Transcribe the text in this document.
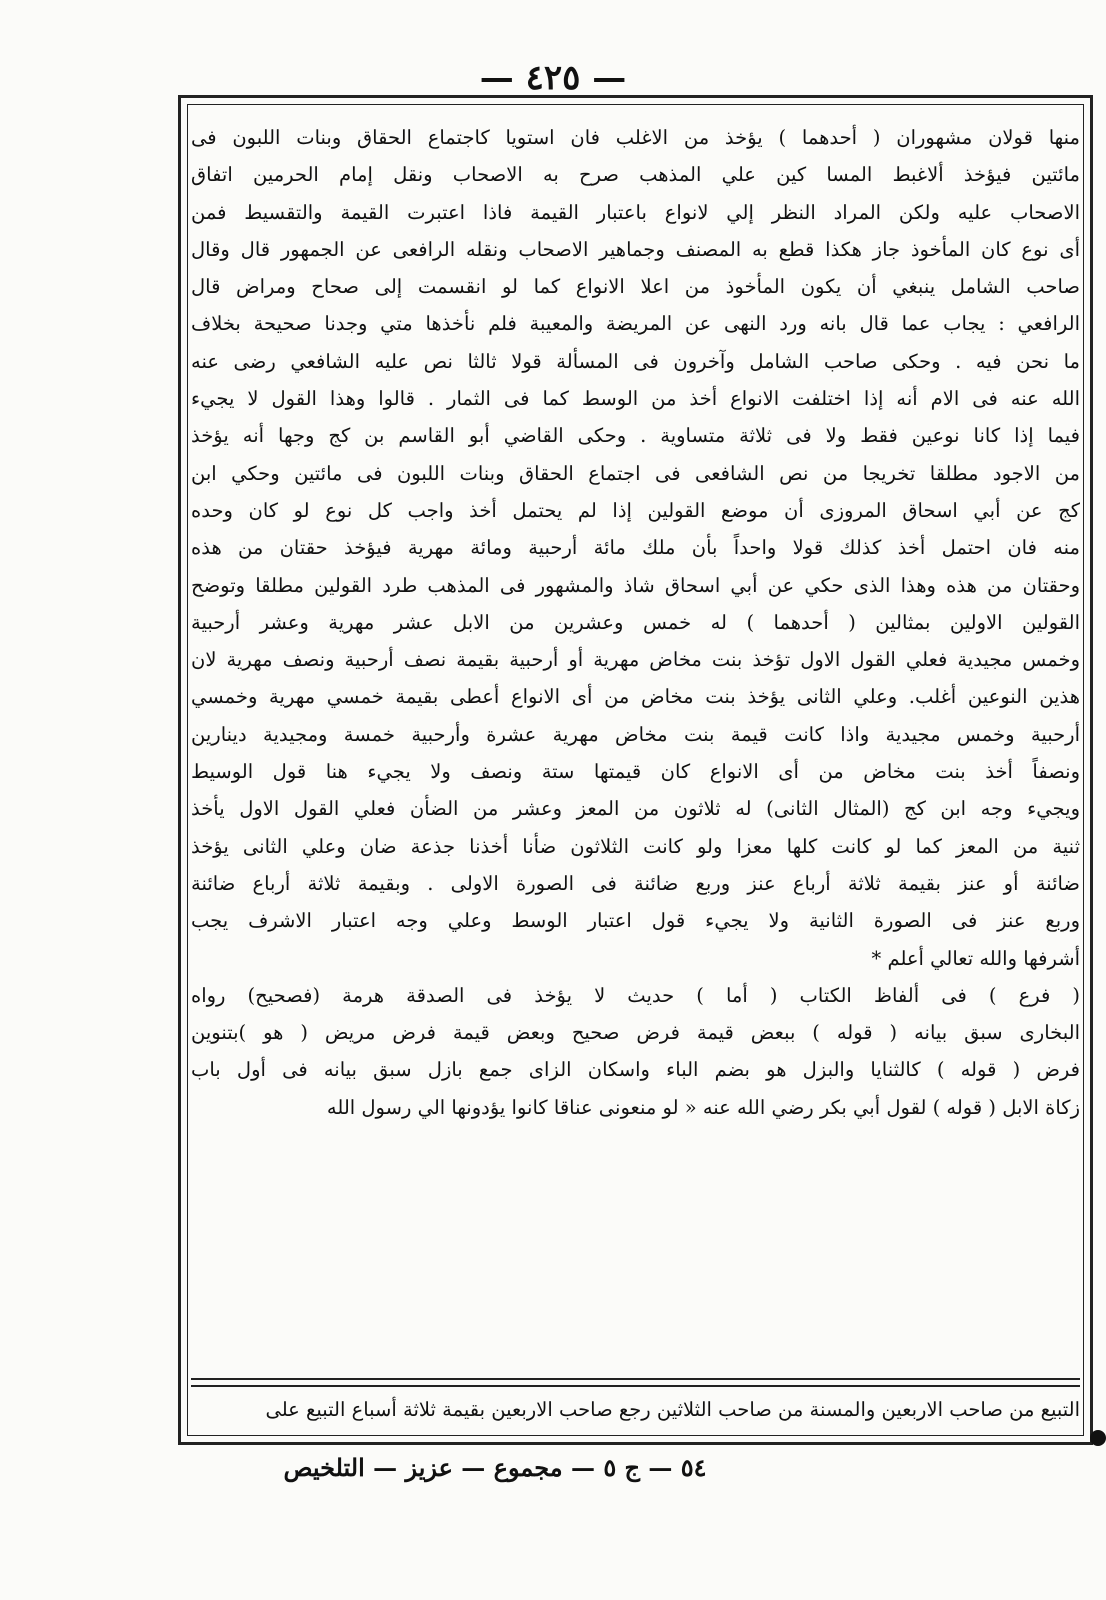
— ٤٢٥ —
منها قولان مشهوران ( أحدهما ) يؤخذ من الاغلب فان استويا كاجتماع الحقاق وبنات اللبون فى
مائتين فيؤخذ ألاغبط المسا كين علي المذهب صرح به الاصحاب ونقل إمام الحرمين اتفاق
الاصحاب عليه ولكن المراد النظر إلي لانواع باعتبار القيمة فاذا اعتبرت القيمة والتقسيط فمن
أى نوع كان المأخوذ جاز هكذا قطع به المصنف وجماهير الاصحاب ونقله الرافعى عن الجمهور قال وقال
صاحب الشامل ينبغي أن يكون المأخوذ من اعلا الانواع كما لو انقسمت إلى صحاح ومراض قال
الرافعي : يجاب عما قال بانه ورد النهى عن المريضة والمعيبة فلم نأخذها متي وجدنا صحيحة بخلاف
ما نحن فيه . وحكى صاحب الشامل وآخرون فى المسألة قولا ثالثا نص عليه الشافعي رضى عنه
الله عنه فى الام أنه إذا اختلفت الانواع أخذ من الوسط كما فى الثمار . قالوا وهذا القول لا يجيء
فيما إذا كانا نوعين فقط ولا فى ثلاثة متساوية . وحكى القاضي أبو القاسم بن كج وجها أنه يؤخذ
من الاجود مطلقا تخريجا من نص الشافعى فى اجتماع الحقاق وبنات اللبون فى مائتين وحكي ابن
كج عن أبي اسحاق المروزى أن موضع القولين إذا لم يحتمل أخذ واجب كل نوع لو كان وحده
منه فان احتمل أخذ كذلك قولا واحداً بأن ملك مائة أرحبية ومائة مهرية فيؤخذ حقتان من هذه
وحقتان من هذه وهذا الذى حكي عن أبي اسحاق شاذ والمشهور فى المذهب طرد القولين مطلقا وتوضح
القولين الاولين بمثالين ( أحدهما ) له خمس وعشرين من الابل عشر مهرية وعشر أرحبية
وخمس مجيدية فعلي القول الاول تؤخذ بنت مخاض مهرية أو أرحبية بقيمة نصف أرحبية ونصف مهرية لان
هذين النوعين أغلب. وعلي الثانى يؤخذ بنت مخاض من أى الانواع أعطى بقيمة خمسي مهرية وخمسي
أرحبية وخمس مجيدية واذا كانت قيمة بنت مخاض مهرية عشرة وأرحبية خمسة ومجيدية دينارين
ونصفاً أخذ بنت مخاض من أى الانواع كان قيمتها ستة ونصف ولا يجيء هنا قول الوسيط
ويجيء وجه ابن كج (المثال الثانى) له ثلاثون من المعز وعشر من الضأن فعلي القول الاول يأخذ
ثنية من المعز كما لو كانت كلها معزا ولو كانت الثلاثون ضأنا أخذنا جذعة ضان وعلي الثانى يؤخذ
ضائنة أو عنز بقيمة ثلاثة أرباع عنز وربع ضائنة فى الصورة الاولى . وبقيمة ثلاثة أرباع ضائنة
وربع عنز فى الصورة الثانية ولا يجيء قول اعتبار الوسط وعلي وجه اعتبار الاشرف يجب
أشرفها والله تعالي أعلم *
( فرع ) فى ألفاظ الكتاب ( أما ) حديث لا يؤخذ فى الصدقة هرمة (فصحيح) رواه
البخارى سبق بيانه ( قوله ) ببعض قيمة فرض صحيح وبعض قيمة فرض مريض ( هو )بتنوين
فرض ( قوله ) كالثنايا والبزل هو بضم الباء واسكان الزاى جمع بازل سبق بيانه فى أول باب
زكاة الابل ( قوله ) لقول أبي بكر رضي الله عنه « لو منعونى عناقا كانوا يؤدونها الي رسول الله
التبيع من صاحب الاربعين والمسنة من صاحب الثلاثين رجع صاحب الاربعين بقيمة ثلاثة أسباع التبيع على
٥٤ — ج ٥ — مجموع — عزيز — التلخيص
